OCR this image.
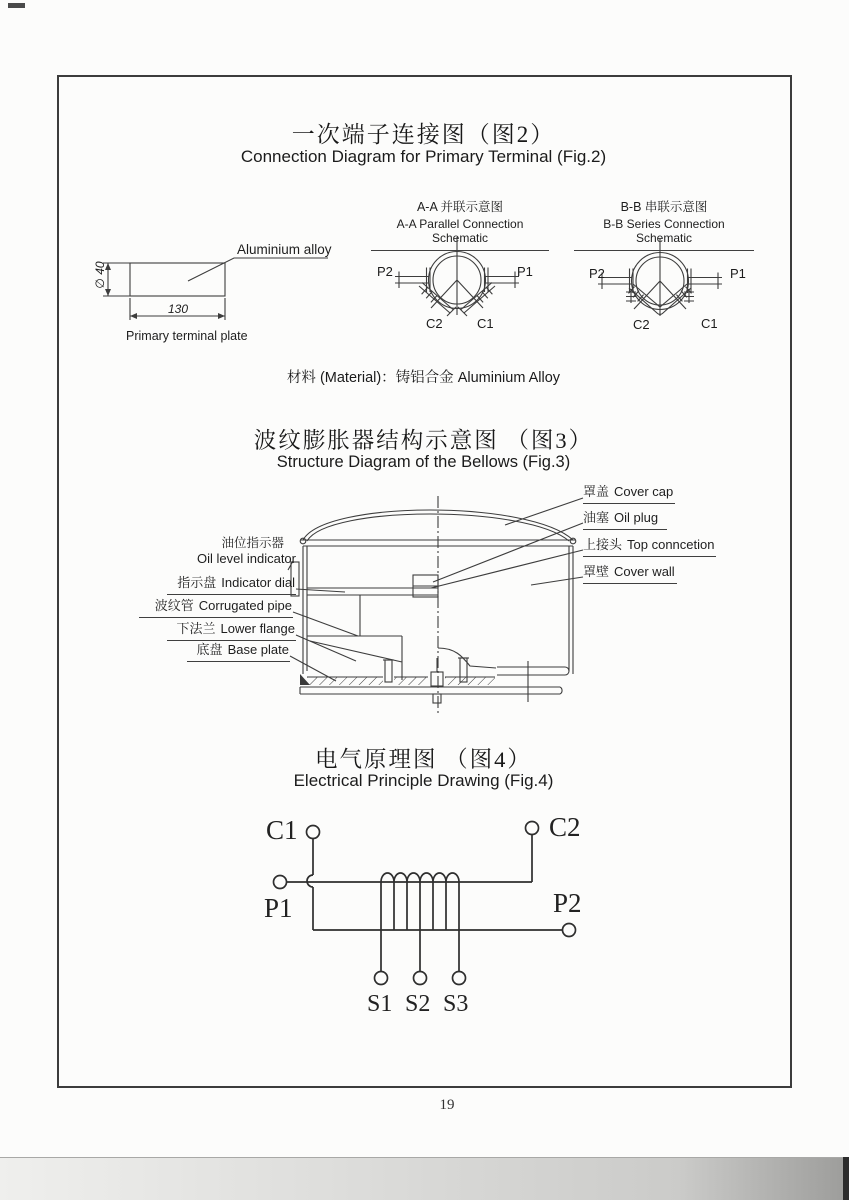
一次端子连接图（图2）
Connection Diagram for Primary Terminal (Fig.2)
A-A 并联示意图
A-A Parallel Connection Schematic
B-B 串联示意图
B-B Series Connection Schematic
Aluminium alloy
∅ 40
130
Primary terminal plate
P2	P1
C2	C1
P2	P1
C2	C1
材料 (Material)：铸铝合金 Aluminium Alloy
波纹膨胀器结构示意图 （图3）
Structure Diagram of the Bellows (Fig.3)
罩盖 Cover cap
油塞 Oil plug
上接头 Top conncetion
罩壁 Cover wall
油位指示器
Oil level indicator
指示盘 Indicator dial
波纹管 Corrugated pipe
下法兰 Lower flange
底盘 Base plate
电气原理图 （图4）
Electrical Principle Drawing (Fig.4)
C1	C2
P1	P2
S1 S2 S3
19
